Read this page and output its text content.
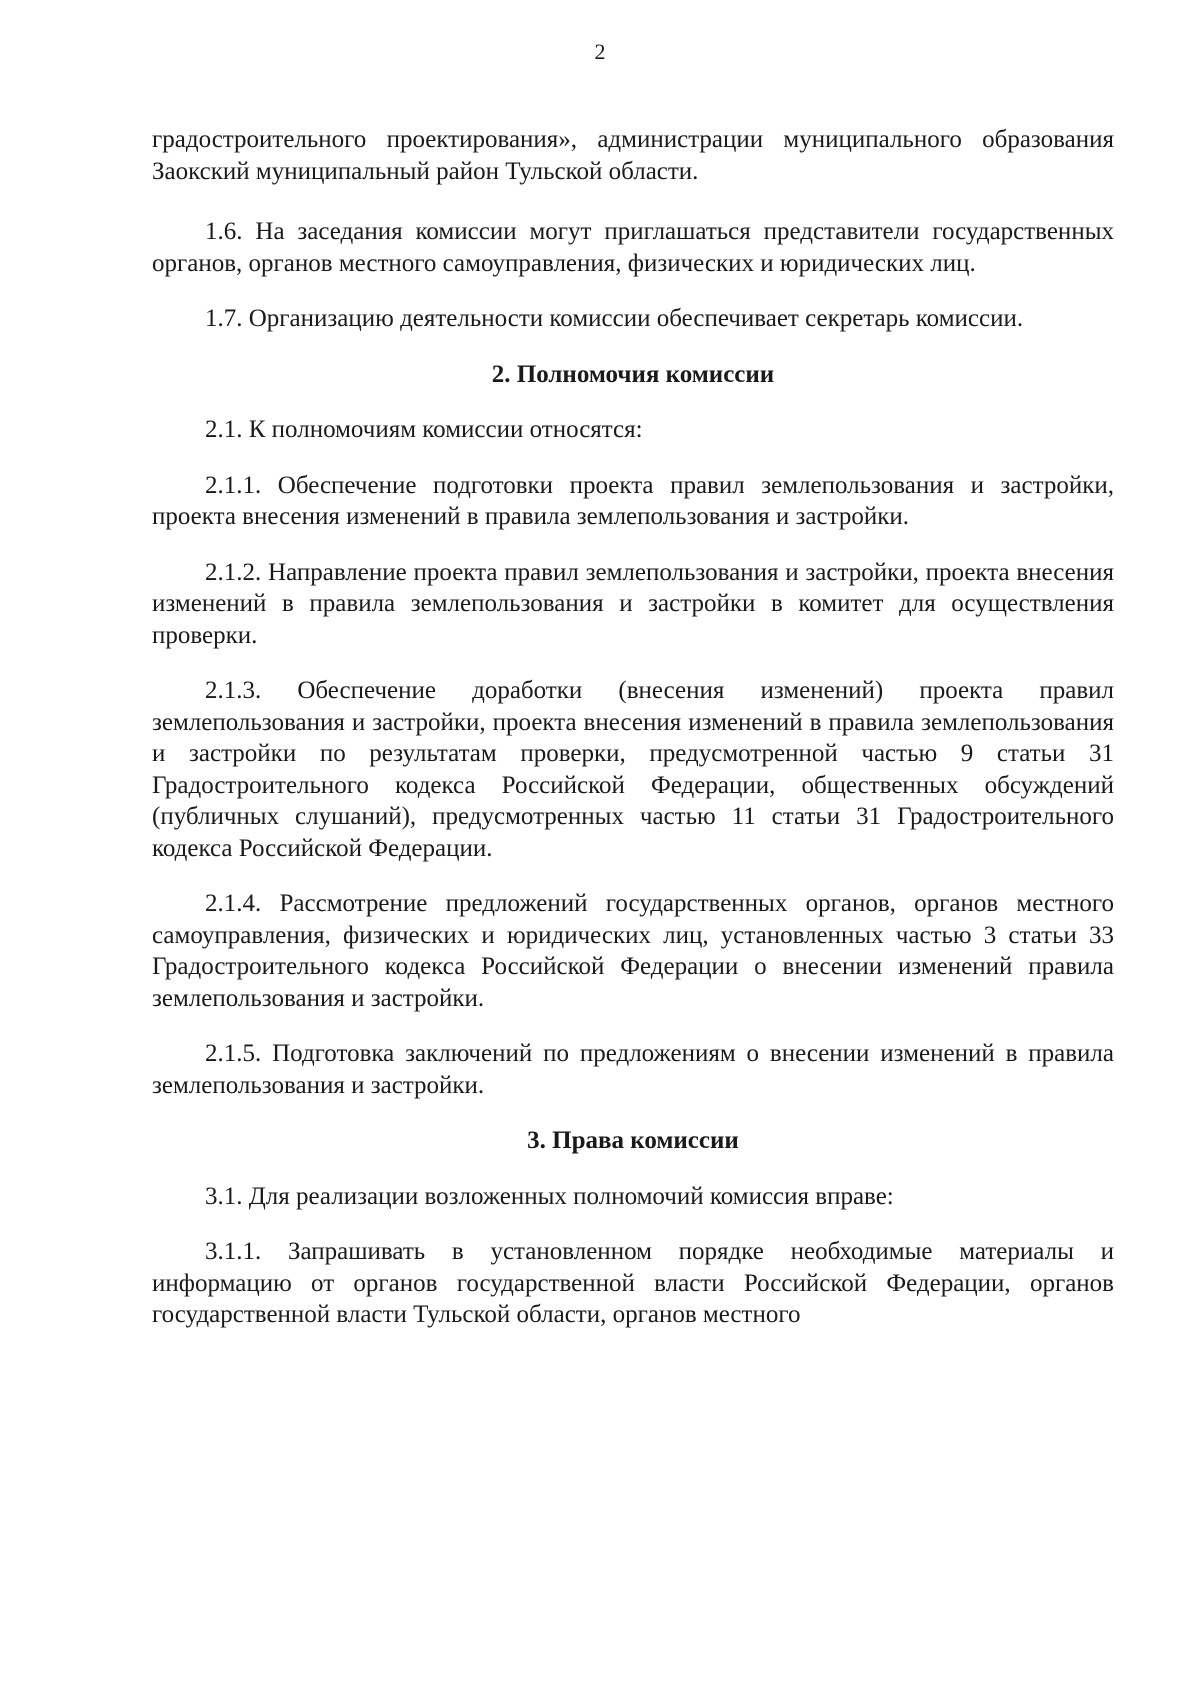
2

градостроительного проектирования», администрации муниципального образования Заокский муниципальный район Тульской области.

1.6. На заседания комиссии могут приглашаться представители государственных органов, органов местного самоуправления, физических и юридических лиц.

1.7. Организацию деятельности комиссии обеспечивает секретарь комиссии.

2. Полномочия комиссии

2.1. К полномочиям комиссии относятся:

2.1.1. Обеспечение подготовки проекта правил землепользования и застройки, проекта внесения изменений в правила землепользования и застройки.

2.1.2. Направление проекта правил землепользования и застройки, проекта внесения изменений в правила землепользования и застройки в комитет для осуществления проверки.

2.1.3. Обеспечение доработки (внесения изменений) проекта правил землепользования и застройки, проекта внесения изменений в правила землепользования и застройки по результатам проверки, предусмотренной частью 9 статьи 31 Градостроительного кодекса Российской Федерации, общественных обсуждений (публичных слушаний), предусмотренных частью 11 статьи 31 Градостроительного кодекса Российской Федерации.

2.1.4. Рассмотрение предложений государственных органов, органов местного самоуправления, физических и юридических лиц, установленных частью 3 статьи 33 Градостроительного кодекса Российской Федерации о внесении изменений правила землепользования и застройки.

2.1.5. Подготовка заключений по предложениям о внесении изменений в правила землепользования и застройки.

3. Права комиссии

3.1. Для реализации возложенных полномочий комиссия вправе:

3.1.1. Запрашивать в установленном порядке необходимые материалы и информацию от органов государственной власти Российской Федерации, органов государственной власти Тульской области, органов местного
